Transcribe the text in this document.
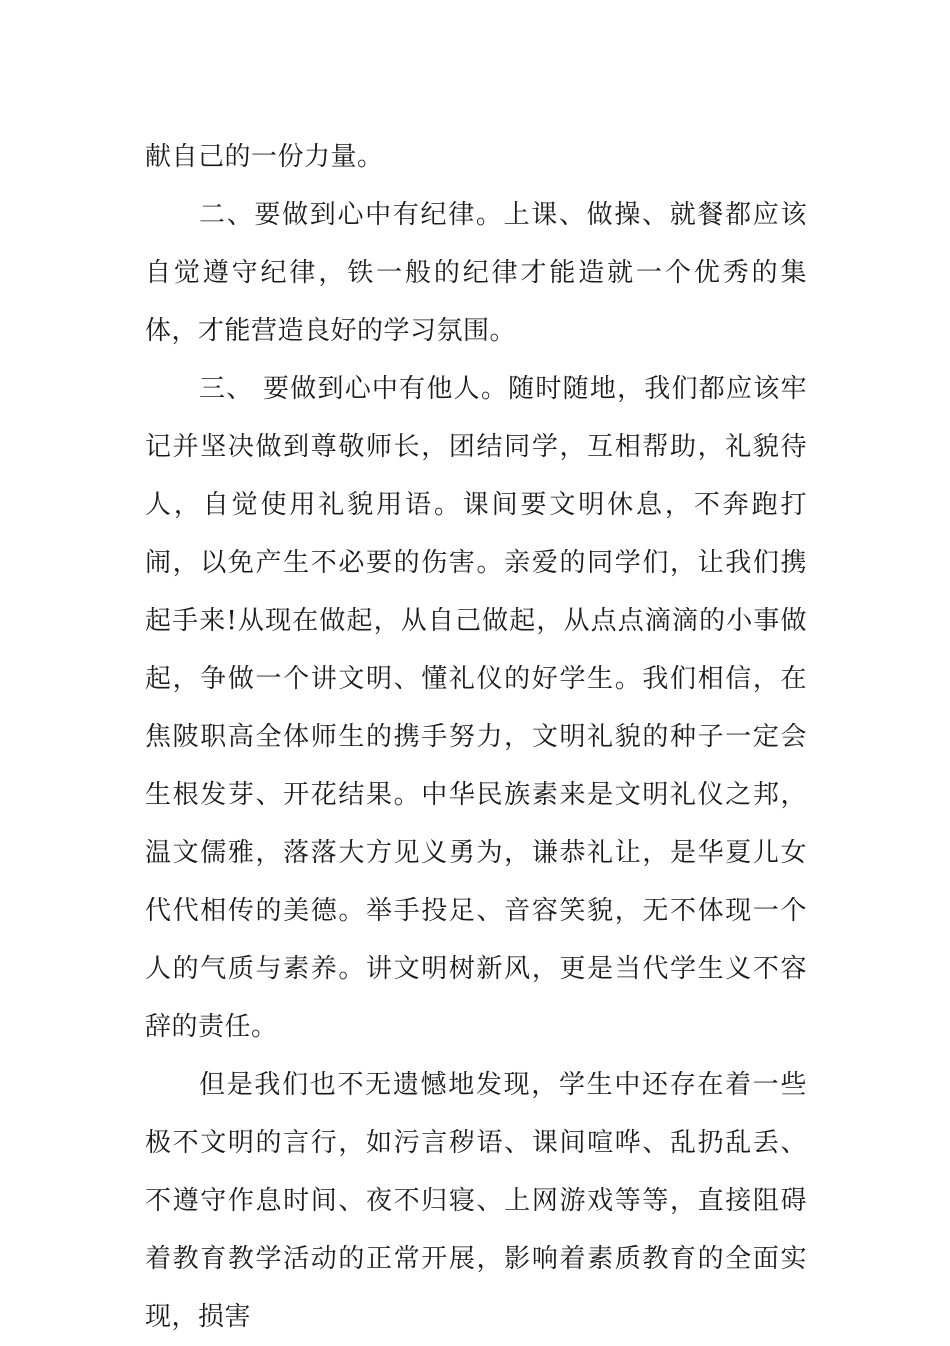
献自己的一份力量。

二、要做到心中有纪律。上课、做操、就餐都应该自觉遵守纪律，铁一般的纪律才能造就一个优秀的集体，才能营造良好的学习氛围。

三、 要做到心中有他人。随时随地，我们都应该牢记并坚决做到尊敬师长，团结同学，互相帮助，礼貌待人，自觉使用礼貌用语。课间要文明休息，不奔跑打闹，以免产生不必要的伤害。亲爱的同学们，让我们携起手来!从现在做起，从自己做起，从点点滴滴的小事做起，争做一个讲文明、懂礼仪的好学生。我们相信，在焦陂职高全体师生的携手努力，文明礼貌的种子一定会生根发芽、开花结果。中华民族素来是文明礼仪之邦，温文儒雅，落落大方见义勇为，谦恭礼让，是华夏儿女代代相传的美德。举手投足、音容笑貌，无不体现一个人的气质与素养。讲文明树新风，更是当代学生义不容辞的责任。

但是我们也不无遗憾地发现，学生中还存在着一些极不文明的言行，如污言秽语、课间喧哗、乱扔乱丢、不遵守作息时间、夜不归寝、上网游戏等等，直接阻碍着教育教学活动的正常开展，影响着素质教育的全面实现，损害
